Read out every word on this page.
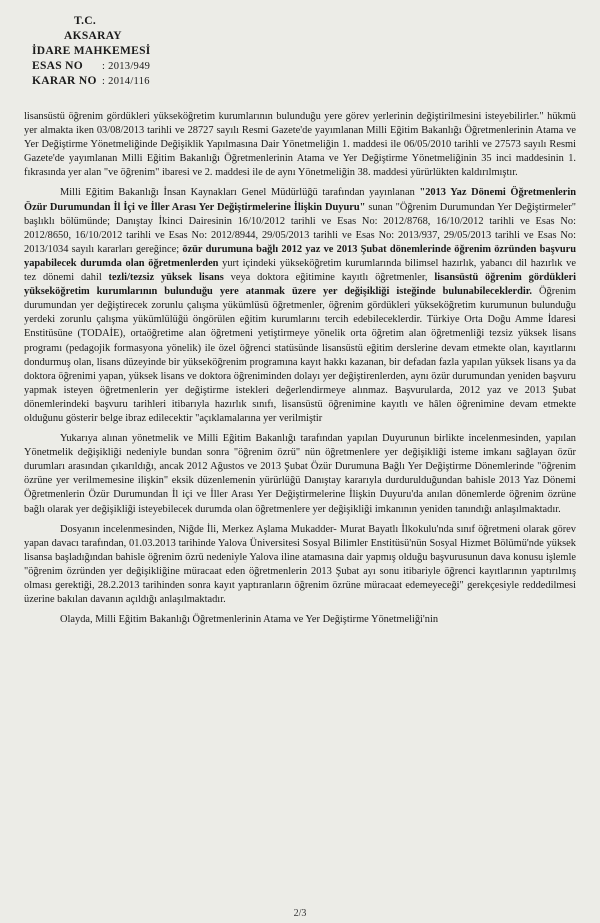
T.C.
AKSARAY
İDARE MAHKEMESİ
ESAS NO	: 2013/949
KARAR NO : 2014/116

lisansüstü öğrenim gördükleri yükseköğretim kurumlarının bulunduğu yere görev yerlerinin değiştirilmesini isteyebilirler." hükmü yer almakta iken 03/08/2013 tarihli ve 28727 sayılı Resmi Gazete'de yayımlanan Milli Eğitim Bakanlığı Öğretmenlerinin Atama ve Yer Değiştirme Yönetmeliğinde Değişiklik Yapılmasına Dair Yönetmeliğin 1. maddesi ile 06/05/2010 tarihli ve 27573 sayılı Resmi Gazete'de yayımlanan Milli Eğitim Bakanlığı Öğretmenlerinin Atama ve Yer Değiştirme Yönetmeliğinin 35 inci maddesinin 1. fıkrasında yer alan "ve öğrenim" ibaresi ve 2. maddesi ile de aynı Yönetmeliğin 38. maddesi yürürlükten kaldırılmıştır.

Milli Eğitim Bakanlığı İnsan Kaynakları Genel Müdürlüğü tarafından yayınlanan "2013 Yaz Dönemi Öğretmenlerin Özür Durumundan İl İçi ve İller Arası Yer Değiştirmelerine İlişkin Duyuru" sunan "Öğrenim Durumundan Yer Değiştirmeler" başlıklı bölümünde; Danıştay İkinci Dairesinin 16/10/2012 tarihli ve Esas No: 2012/8768, 16/10/2012 tarihli ve Esas No: 2012/8650, 16/10/2012 tarihli ve Esas No: 2012/8944, 29/05/2013 tarihli ve Esas No: 2013/937, 29/05/2013 tarihli ve Esas No: 2013/1034 sayılı kararları gereğince; özür durumuna bağlı 2012 yaz ve 2013 Şubat dönemlerinde öğrenim özründen başvuru yapabilecek durumda olan öğretmenlerden yurt içindeki yükseköğretim kurumlarında bilimsel hazırlık, yabancı dil hazırlık ve tez dönemi dahil tezli/tezsiz yüksek lisans veya doktora eğitimine kayıtlı öğretmenler, lisansüstü öğrenim gördükleri yükseköğretim kurumlarının bulunduğu yere atanmak üzere yer değişikliği isteğinde bulunabileceklerdir. Öğrenim durumundan yer değiştirecek zorunlu çalışma yükümlüsü öğretmenler, öğrenim gördükleri yükseköğretim kurumunun bulunduğu yerdeki zorunlu çalışma yükümlülüğü öngörülen eğitim kurumlarını tercih edebileceklerdir. Türkiye Orta Doğu Amme İdaresi Enstitüsüne (TODAİE), ortaöğretime alan öğretmeni yetiştirmeye yönelik orta öğretim alan öğretmenliği tezsiz yüksek lisans programı (pedagojik formasyona yönelik) ile özel öğrenci statüsünde lisansüstü eğitim derslerine devam etmekte olan, kayıtlarını dondurmuş olan, lisans düzeyinde bir yükseköğrenim programına kayıt hakkı kazanan, bir defadan fazla yapılan yüksek lisans ya da doktora öğrenimi yapan, yüksek lisans ve doktora öğreniminden dolayı yer değiştirenlerden, aynı özür durumundan yeniden başvuru yapmak isteyen öğretmenlerin yer değiştirme istekleri değerlendirmeye alınmaz. Başvurularda, 2012 yaz ve 2013 Şubat dönemlerindeki başvuru tarihleri itibarıyla hazırlık sınıfı, lisansüstü öğrenimine kayıtlı ve hâlen öğrenimine devam etmekte olduğunu gösterir belge ibraz edilecektir "açıklamalarına yer verilmiştir

Yukarıya alınan yönetmelik ve Milli Eğitim Bakanlığı tarafından yapılan Duyurunun birlikte incelenmesinden, yapılan Yönetmelik değişikliği nedeniyle bundan sonra "öğrenim özrü" nün öğretmenlere yer değişikliği isteme imkanı sağlayan özür durumları arasından çıkarıldığı, ancak 2012 Ağustos ve 2013 Şubat Özür Durumuna Bağlı Yer Değiştirme Dönemlerinde "öğrenim özrüne yer verilmemesine ilişkin" eksik düzenlemenin yürürlüğü Danıştay kararıyla durdurulduğundan bahisle 2013 Yaz Dönemi Öğretmenlerin Özür Durumundan İl içi ve İller Arası Yer Değiştirmelerine İlişkin Duyuru'da anılan dönemlerde öğrenim özrüne bağlı olarak yer değişikliği isteyebilecek durumda olan öğretmenlere yer değişikliği imkanının yeniden tanındığı anlaşılmaktadır.

Dosyanın incelenmesinden, Niğde İli, Merkez Aşlama Mukadder- Murat Bayatlı İlkokulu'nda sınıf öğretmeni olarak görev yapan davacı tarafından, 01.03.2013 tarihinde Yalova Üniversitesi Sosyal Bilimler Enstitüsü'nün Sosyal Hizmet Bölümü'nde yüksek lisansa başladığından bahisle öğrenim özrü nedeniyle Yalova iline atamasına dair yapmış olduğu başvurusunun dava konusu işlemle "öğrenim özründen yer değişikliğine müracaat eden öğretmenlerin 2013 Şubat ayı sonu itibariyle öğrenci kayıtlarının yaptırılmış olması gerektiği, 28.2.2013 tarihinden sonra kayıt yaptıranların öğrenim özrüne müracaat edemeyeceği" gerekçesiyle reddedilmesi üzerine bakılan davanın açıldığı anlaşılmaktadır.

Olayda, Milli Eğitim Bakanlığı Öğretmenlerinin Atama ve Yer Değiştirme Yönetmeliği'nin

2/3
